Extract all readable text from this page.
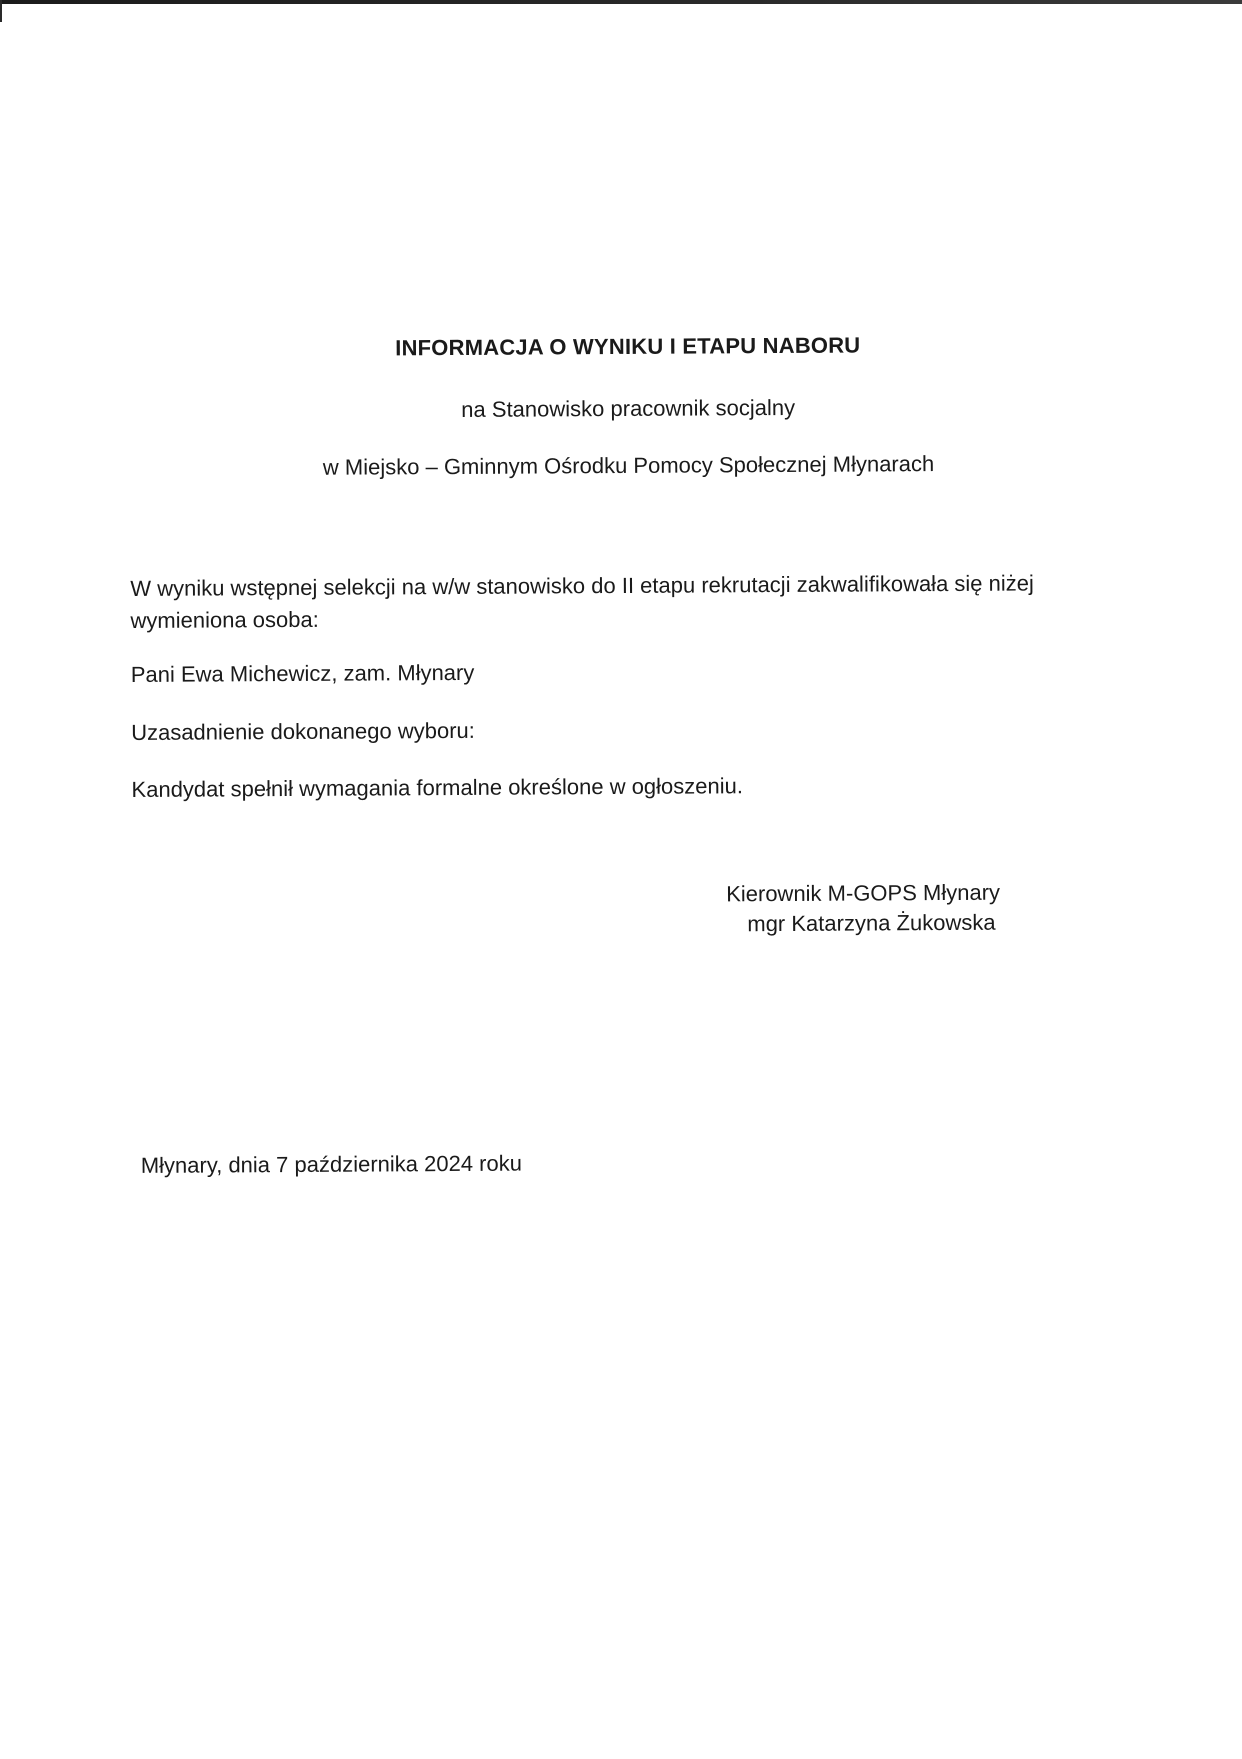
INFORMACJA O WYNIKU I ETAPU NABORU
na Stanowisko pracownik socjalny
w Miejsko – Gminnym Ośrodku Pomocy Społecznej Młynarach
W wyniku wstępnej selekcji na w/w stanowisko do II etapu rekrutacji zakwalifikowała się niżej wymieniona osoba:
Pani Ewa Michewicz, zam. Młynary
Uzasadnienie dokonanego wyboru:
Kandydat spełnił wymagania formalne określone w ogłoszeniu.
Kierownik M-GOPS Młynary
mgr Katarzyna Żukowska
Młynary, dnia 7 października 2024 roku
